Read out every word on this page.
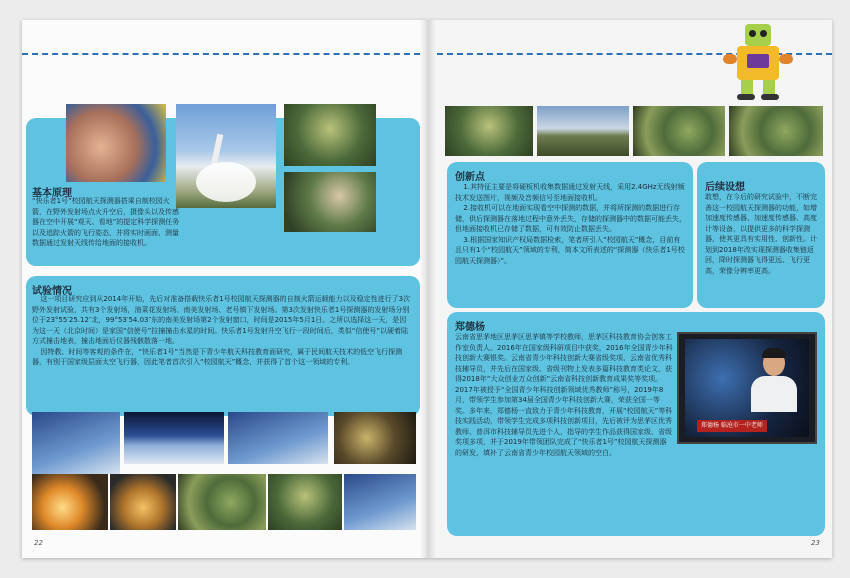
基本原理
“快乐者1号”校园航天探测器搭乘自制校园火箭，在野外发射场点火升空后，摄像头以及传感器在空中开展“观天、看地”的提定科学探测任务以及追踪火箭的飞行姿态，并将实时画面、测量数据通过发射天线传给地面的接收机。
试验情况

这一项目研究应到从2014年开始，先后对准备搭载快乐者1号校园航天探测器的自制火箭运载能力以及稳定性进行了3次野外发射试验，共有3个发射场，油菜花发射场、南美发射场、老号镇下发射场。第3次发射快乐者1号探测器的发射场分别位于23°55′25.12″北，99°53′54.03″东的南美发射场第2个发射窗口，时间是2015年5月1日。之所以选择这一天，是因为这一天（北京时间）是家国“信使号”拉撞撞击水星的时间。快乐者1号发射升空飞行一段时间后，类似“信使号”以硬着陆方式撞击地表，撞击地面后仪器残骸散落一地。

因特教、时间等客观的条件在，“快乐者1号”当然是下青少年航天科技教育面研究，属于民间航天技术的低空飞行探测器，有别于国家级层面太空飞行器，因此笔者首次引入“校园航天”概念，并获得了首个这一领域的专利。

22
创新点

1.其特征主要是将硬板机收集数据通过发射天线，采用2.4GHz无线射频技术发送图片，视频及音频信号至地面接收机。

2.接收机可以在地面实现看空中探测的数据，并将所探测的数据进行存储，供后探测器在落地过程中意外丢失，存储的探测器中的数据可能丢失，但地面接收机已存储了数据，可有效防止数据丢失。

3.根据国家知识产权局数据检索，笔者所引入“校园航天”概念，目前有且只有1个“校园航天”领域的专利，简本文所表述的“探测器（快乐者1号校园航天探测器）”。

后续设想
敢想，在今后的研究试验中，不断完善这一校园航天探测器的功能，如增加速度传感器、加速度传感器、高度计等设备，以提供更多的科学探测器，使其更具有实用性、创新性。计划到2018年改实现探测器收集链返回，降时探测器飞得更远、飞行更高，荣像分辨率更高。
郑德杨
郑德杨 临沧市一中老师
云南省思茅地区思茅区思茅镇等学校教师，思茅区科技教育协会创客工作室负责人。2016年在国家级科研项目中获奖，2016年全国青少年科技创新大赛银奖。云南省青少年科技创新大赛省级奖项、云南省优秀科技辅导员，并先后在国家级、省级刊物上发表多篇科技教育类论文，获得2018年“大众创业万众创新”云南省科技创新教育成果奖等奖项。2017年被授予“全国青少年科技创新领域优秀教师”称号，2019年8月，带领学生参加第34届全国青少年科技创新大赛，荣获全国一等奖。多年来，郑德杨一直致力于青少年科技教育，开展“校园航天”等科技实践活动，带领学生完成多项科技创新项目，先后被评为思茅区优秀教师、普洱市科技辅导员先进个人，指导的学生作品获得国家级、省级奖项多项，并于2019年带领团队完成了“快乐者1号”校园航天探测器的研发，填补了云南省青少年校园航天领域的空白。
23
